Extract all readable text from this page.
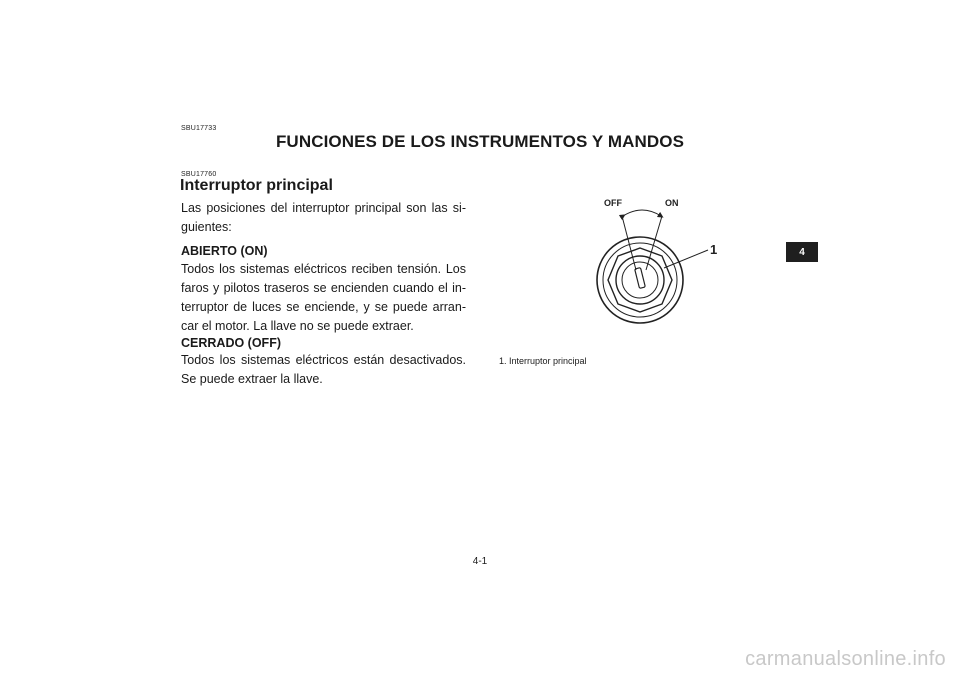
SBU17733
FUNCIONES DE LOS INSTRUMENTOS Y MANDOS
SBU17760
Interruptor principal

Las posiciones del interruptor principal son las si-guientes:

ABIERTO (ON)

Todos los sistemas eléctricos reciben tensión. Los faros y pilotos traseros se encienden cuando el in-terruptor de luces se enciende, y se puede arran-car el motor. La llave no se puede extraer.

CERRADO (OFF)

Todos los sistemas eléctricos están desactivados. Se puede extraer la llave.

OFF	ON
1

1. Interruptor principal

4
4-1
carmanualsonline.info
